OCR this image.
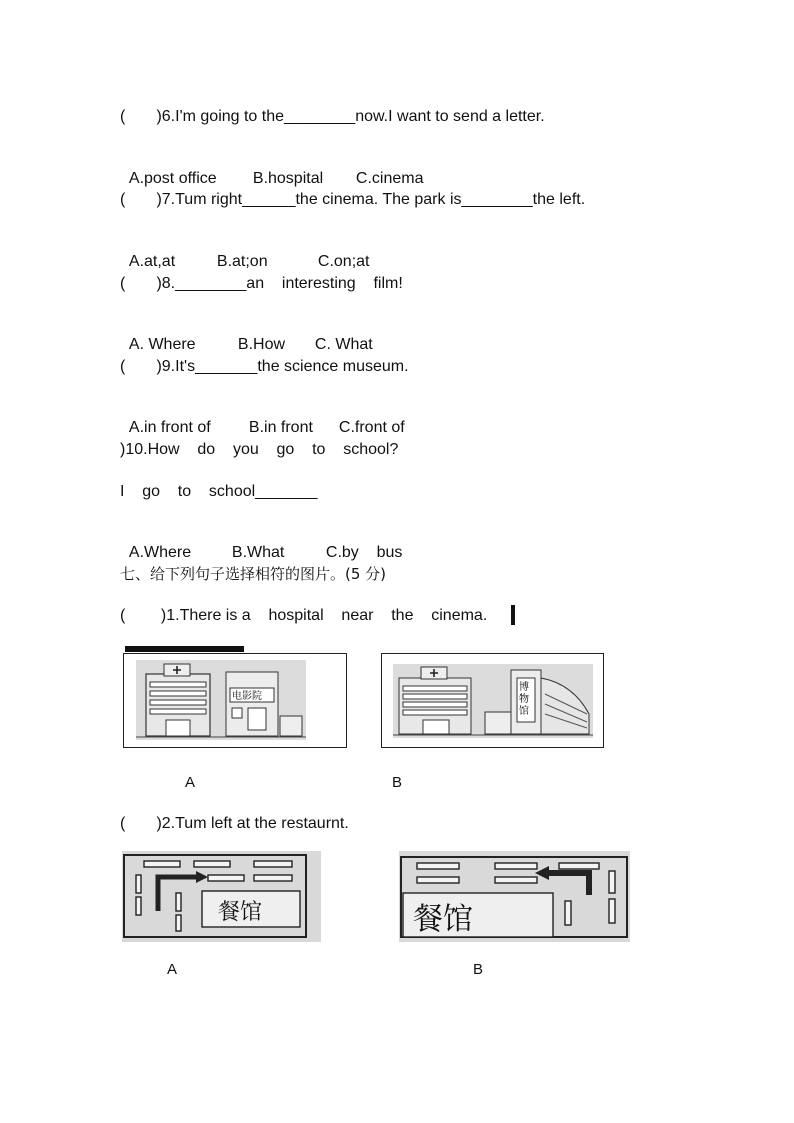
(       )6.I'm going to the________now.I want to send a letter.

A.post office B.hospital C.cinema

(       )7.Tum right______the cinema. The park is________the left.

A.at,at	B.at;on	C.on;at

(       )8.________an    interesting    film!

A. Where	B.How C. What

(       )9.It's_______the science museum.

A.in front of B.in front C.front of

)10.How    do    you    go    to    school?
I    go    to    school_______

A.Where	B.What	C.by    bus

七、给下列句子选择相符的图片。(5 分)
(        )1.There is a    hospital    near    the    cinema.
电影院
博
物
馆
A	B
(       )2.Tum left at the restaurnt.
餐馆	餐馆
A	B
